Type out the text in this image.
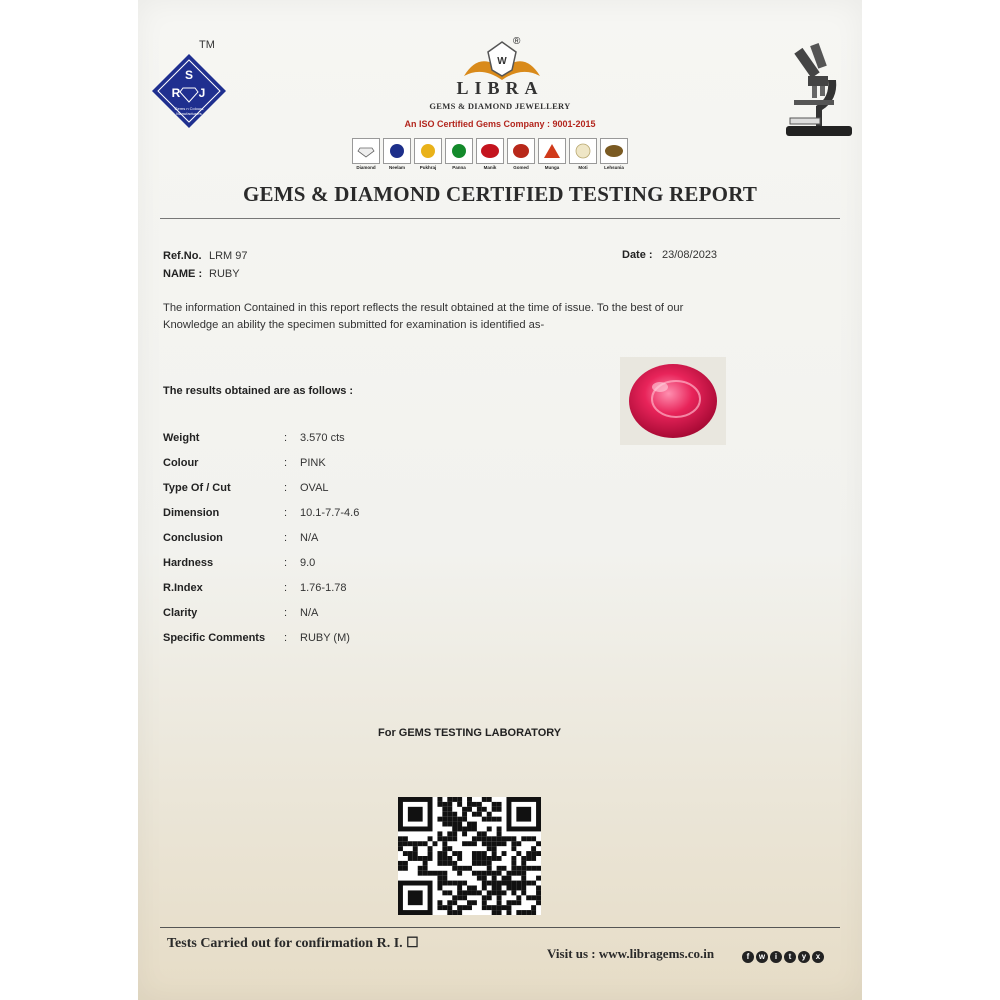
S
R J
Gems n Colours
Manufacturers
TM
W
®
LIBRA
GEMS & DIAMOND JEWELLERY
An ISO Certified Gems Company : 9001-2015
Diamond	Neelam	Pukhraj	Panna	Manik	Gomed	Munga	Moti	Lehsunia
GEMS & DIAMOND CERTIFIED TESTING REPORT
Ref.No. LRM 97
NAME : RUBY
Date : 23/08/2023
The information Contained in this report reflects the result obtained at the time of issue. To the best of our
Knowledge an ability the specimen submitted for examination is identified as-
The results obtained are as follows :
Weight	: 3.570 cts
Colour	: PINK
Type Of / Cut	: OVAL
Dimension	: 10.1-7.7-4.6
Conclusion	: N/A
Hardness	: 9.0
R.Index	: 1.76-1.78
Clarity	: N/A
Specific Comments : RUBY (M)
For GEMS TESTING LABORATORY
Tests Carried out for confirmation R. I. ☐
Visit us : www.libragems.co.in	f	w	i	t	y	x
